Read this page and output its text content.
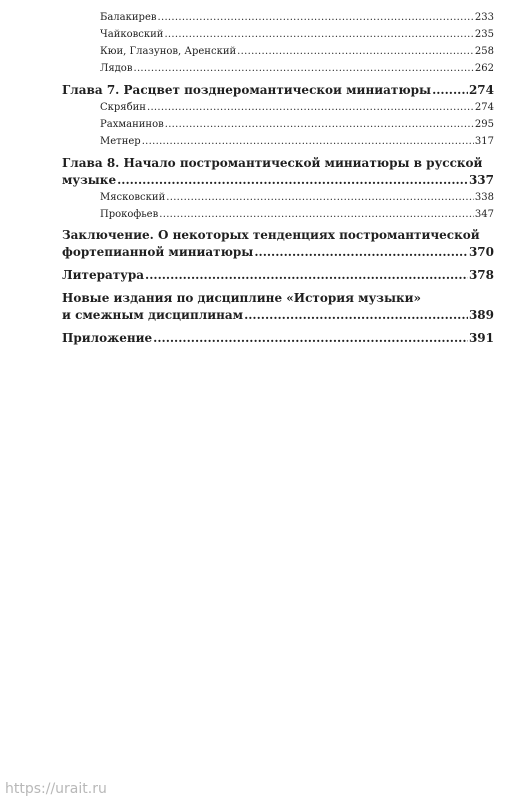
Балакирев .....	233
Чайковский .....	235
Кюи, Глазунов, Аренский .....	258
Лядов .....	262
Глава 7. Расцвет позднеромантическои миниатюры .....	274
Скрябин .....	274
Рахманинов .....	295
Метнер .....	317
Глава 8. Начало постромантической миниатюры в русской
музыке .....	337
Мясковский .....	338
Прокофьев .....	347
Заключение. О некоторых тенденциях постромантической
фортепианной миниатюры .....	370
Литература .....	378
Новые издания по дисциплине «История музыки»
и смежным дисциплинам .....	389
Приложение .....	391
https://urait.ru
